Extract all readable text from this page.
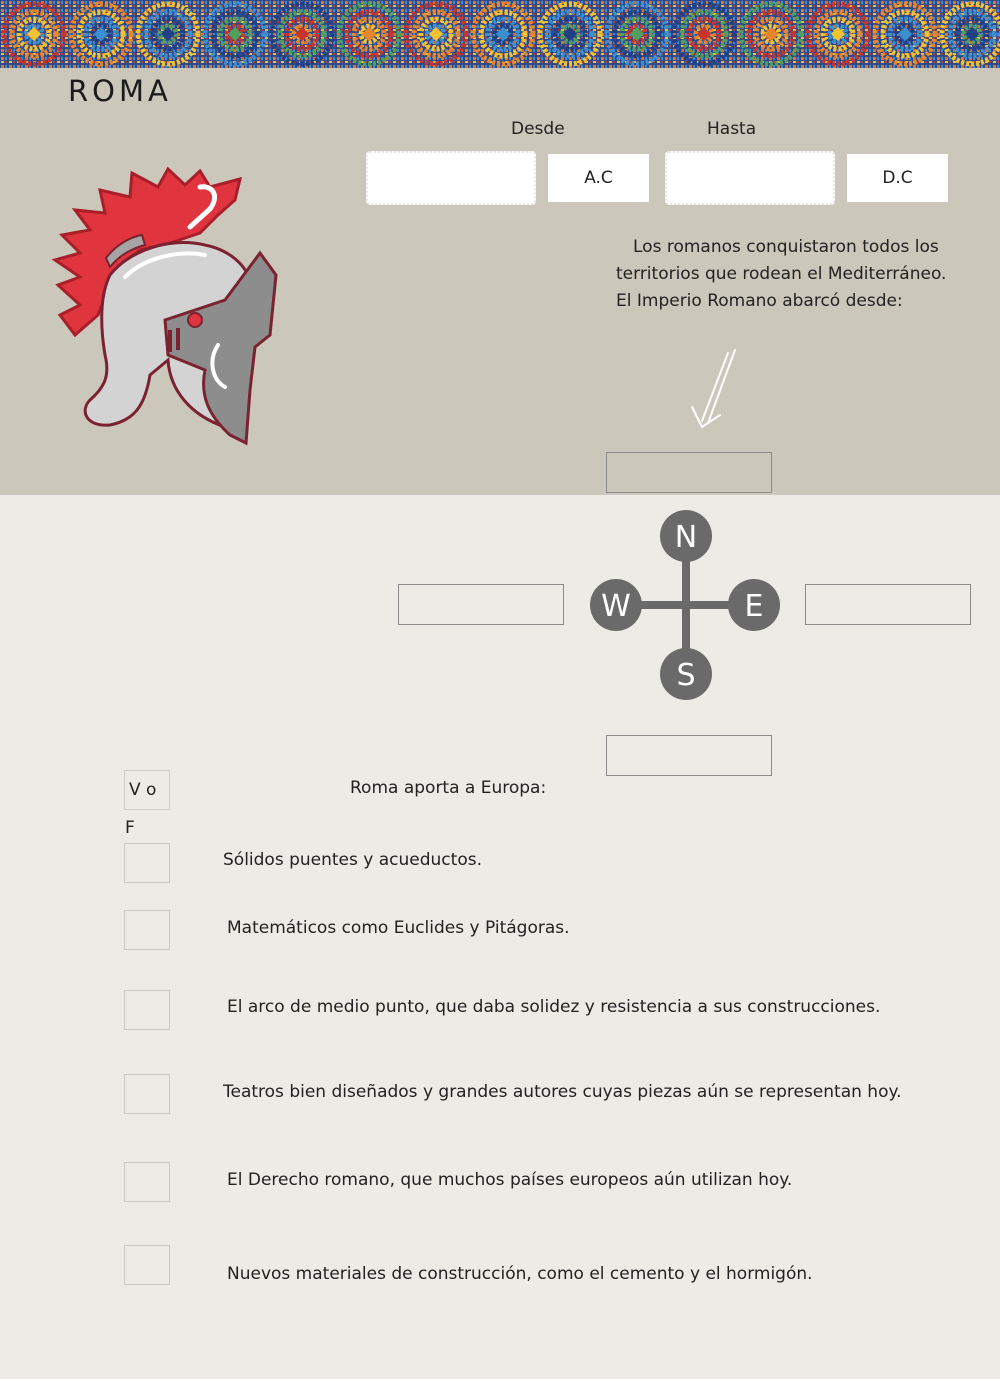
ROMA
Desde	Hasta
A.C	D.C
Los romanos conquistaron todos los
territorios que rodean el Mediterráneo.
El Imperio Romano abarcó desde:
N
S
W	E
V o F
Roma aporta a Europa:
Sólidos puentes y acueductos.
Matemáticos como Euclides y Pitágoras.
El arco de medio punto, que daba solidez y resistencia a sus construcciones.
Teatros bien diseñados y grandes autores cuyas piezas aún se representan hoy.
El Derecho romano, que muchos países europeos aún utilizan hoy.
Nuevos materiales de construcción, como el cemento y el hormigón.
